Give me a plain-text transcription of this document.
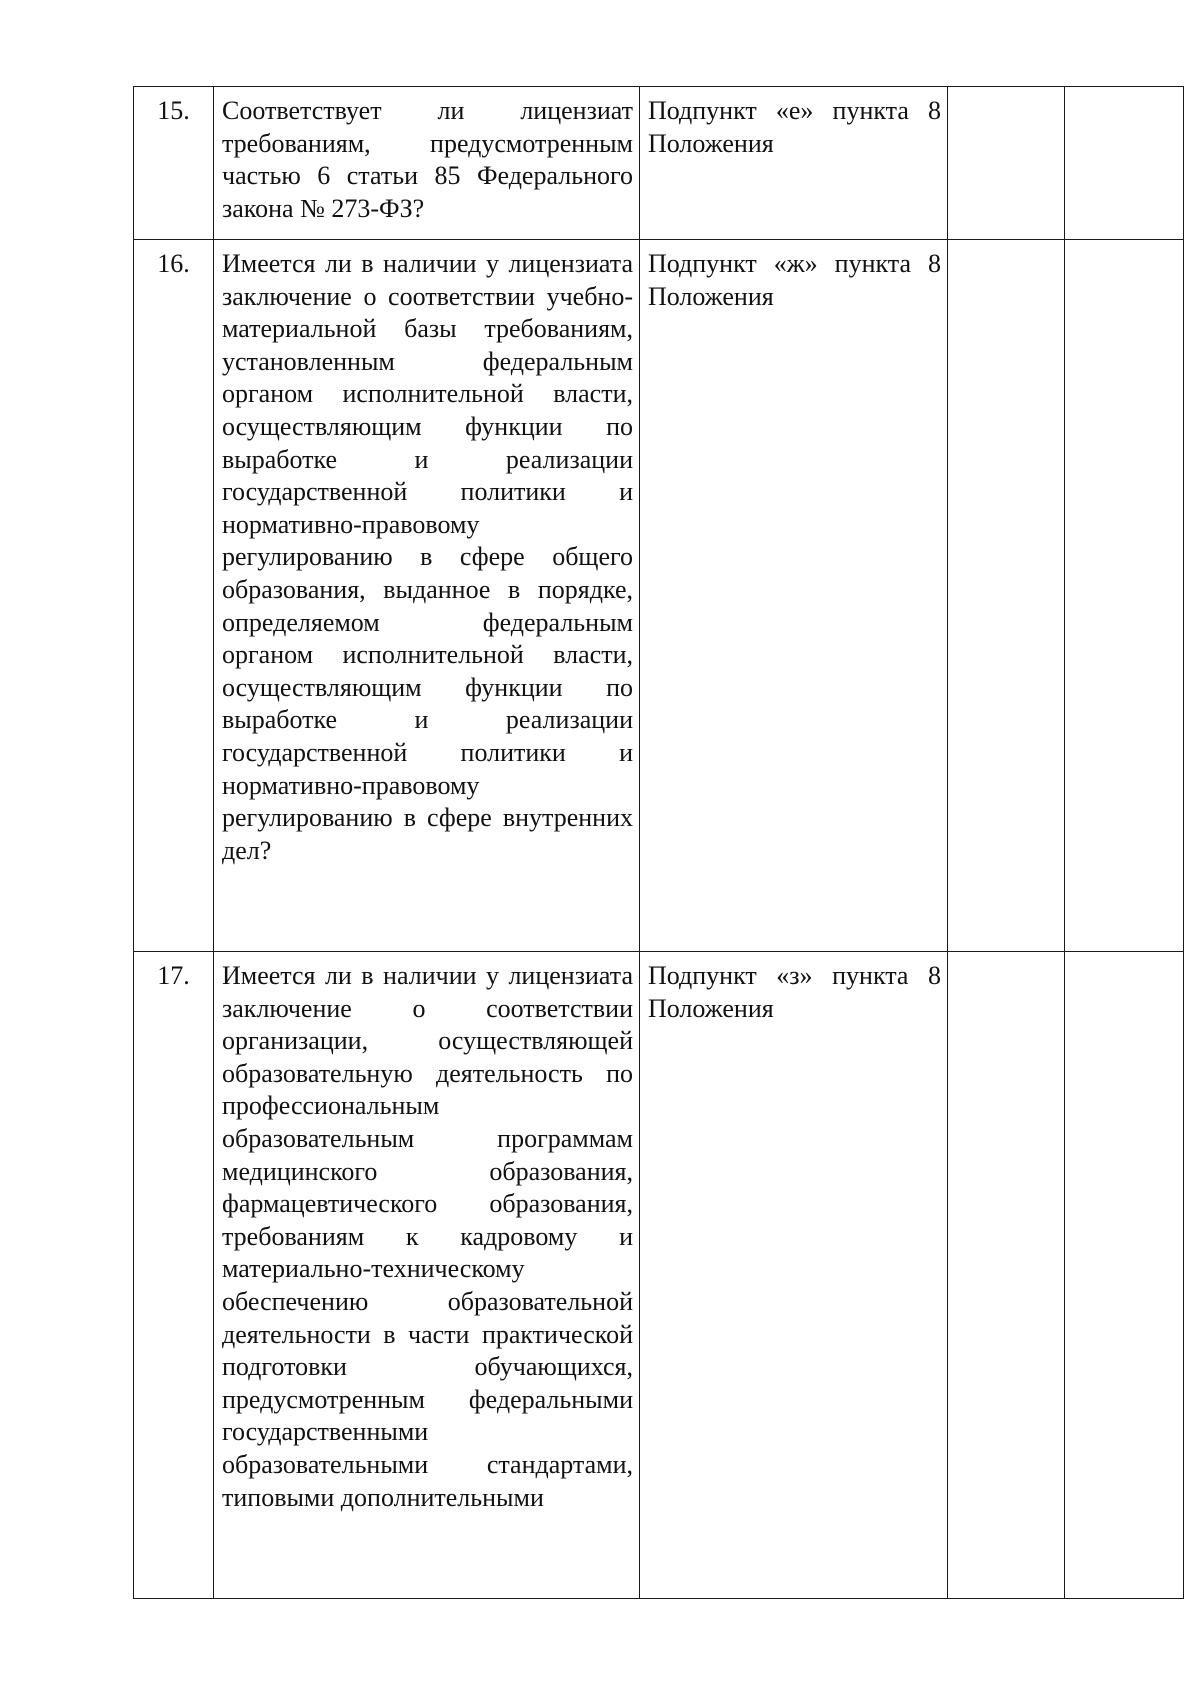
15.	Соответствует ли лицензиат требованиям, предусмотренным частью 6 статьи 85 Федерального закона № 273-ФЗ?	Подпункт «е» пункта 8 Положения		
16.	Имеется ли в наличии у лицензиата заключение о соответствии учебно-материальной базы требованиям, установленным федеральным органом исполнительной власти, осуществляющим функции по выработке и реализации государственной политики и нормативно-правовому регулированию в сфере общего образования, выданное в порядке, определяемом федеральным органом исполнительной власти, осуществляющим функции по выработке и реализации государственной политики и нормативно-правовому регулированию в сфере внутренних дел?	Подпункт «ж» пункта 8 Положения		
17.	Имеется ли в наличии у лицензиата заключение о соответствии организации, осуществляющей образовательную деятельность по профессиональным образовательным программам медицинского образования, фармацевтического образования, требованиям к кадровому и материально-техническому обеспечению образовательной деятельности в части практической подготовки обучающихся, предусмотренным федеральными государственными образовательными стандартами, типовыми дополнительными	Подпункт «з» пункта 8 Положения		
